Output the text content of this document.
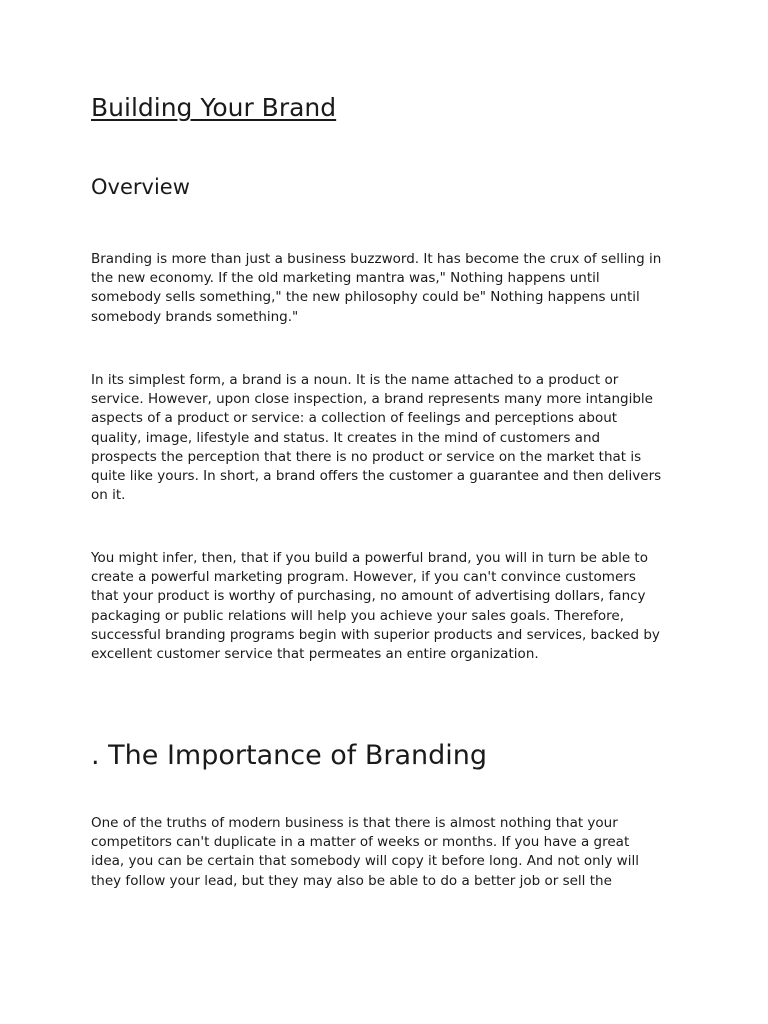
Building Your Brand
Overview

Branding is more than just a business buzzword. It has become the crux of selling in
the new economy. If the old marketing mantra was," Nothing happens until
somebody sells something," the new philosophy could be" Nothing happens until
somebody brands something."

In its simplest form, a brand is a noun. It is the name attached to a product or
service. However, upon close inspection, a brand represents many more intangible
aspects of a product or service: a collection of feelings and perceptions about
quality, image, lifestyle and status. It creates in the mind of customers and
prospects the perception that there is no product or service on the market that is
quite like yours. In short, a brand offers the customer a guarantee and then delivers
on it.

You might infer, then, that if you build a powerful brand, you will in turn be able to
create a powerful marketing program. However, if you can't convince customers
that your product is worthy of purchasing, no amount of advertising dollars, fancy
packaging or public relations will help you achieve your sales goals. Therefore,
successful branding programs begin with superior products and services, backed by
excellent customer service that permeates an entire organization.

. The Importance of Branding

One of the truths of modern business is that there is almost nothing that your
competitors can't duplicate in a matter of weeks or months. If you have a great
idea, you can be certain that somebody will copy it before long. And not only will
they follow your lead, but they may also be able to do a better job or sell the
